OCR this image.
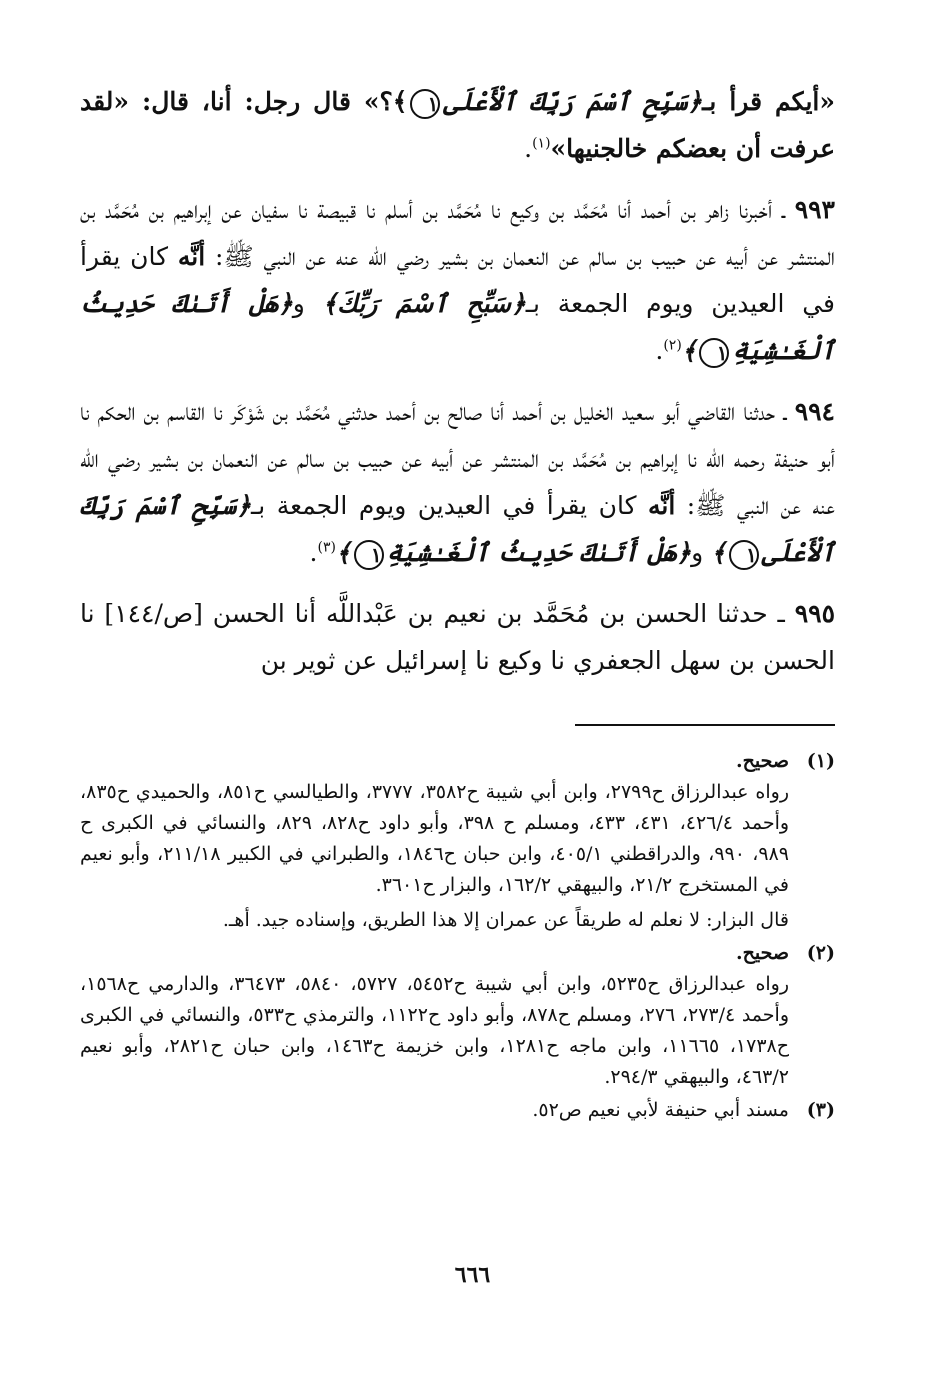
«أيكم قرأ بـ﴿سَبِّحِ ٱسْمَ رَبِّكَ ٱلْأَعْلَى١﴾؟» قال رجل: أنا، قال: «لقد عرفت أن بعضكم خالجنيها»$^{(١)}$.

٩٩٣ ـ أخبرنا زاهر بن أحمد أنا مُحَمَّد بن وكيع نا مُحَمَّد بن أسلم نا قبيصة نا سفيان عن إبراهيم بن مُحَمَّد بن المنتشر عن أبيه عن حبيب بن سالم عن النعمان بن بشير رضي الله عنه عن النبي ﷺ: أنَّه كان يقرأ في العيدين ويوم الجمعة بـ﴿سَبِّحِ ٱسْمَ رَبِّكَ﴾ و﴿هَلْ أَتَىٰكَ حَدِيثُ ٱلْغَـٰشِيَةِ١﴾$^{(٢)}$.

٩٩٤ ـ حدثنا القاضي أبو سعيد الخليل بن أحمد أنا صالح بن أحمد حدثني مُحَمَّد بن شَوْكَر نا القاسم بن الحكم نا أبو حنيفة رحمه الله نا إبراهيم بن مُحَمَّد بن المنتشر عن أبيه عن حبيب بن سالم عن النعمان بن بشير رضي الله عنه عن النبي ﷺ: أنَّه كان يقرأ في العيدين ويوم الجمعة بـ﴿سَبِّحِ ٱسْمَ رَبِّكَ ٱلْأَعْلَى١﴾ و﴿هَلْ أَتَىٰكَ حَدِيثُ ٱلْغَـٰشِيَةِ١﴾$^{(٣)}$.

٩٩٥ ـ حدثنا الحسن بن مُحَمَّد بن نعيم بن عَبْداللَّه أنا الحسن [ص/١٤٤] نا الحسن بن سهل الجعفري نا وكيع نا إسرائيل عن ثوير بن

(١)
صحيح.
رواه عبدالرزاق ح٢٧٩٩، وابن أبي شيبة ح٣٥٨٢، ٣٧٧٧، والطيالسي ح٨٥١، والحميدي ح٨٣٥، وأحمد ٤٢٦/٤، ٤٣١، ٤٣٣، ومسلم ح ٣٩٨، وأبو داود ح٨٢٨، ٨٢٩، والنسائي في الكبرى ح ٩٨٩، ٩٩٠، والدراقطني ٤٠٥/١، وابن حبان ح١٨٤٦، والطبراني في الكبير ٢١١/١٨، وأبو نعيم في المستخرج ٢١/٢، والبيهقي ١٦٢/٢، والبزار ح٣٦٠١.
قال البزار: لا نعلم له طريقاً عن عمران إلا هذا الطريق، وإسناده جيد. أهـ.
(٢)
صحيح.
رواه عبدالرزاق ح٥٢٣٥، وابن أبي شيبة ح٥٤٥٢، ٥٧٢٧، ٥٨٤٠، ٣٦٤٧٣، والدارمي ح١٥٦٨، وأحمد ٢٧٣/٤، ٢٧٦، ومسلم ح٨٧٨، وأبو داود ح١١٢٢، والترمذي ح٥٣٣، والنسائي في الكبرى ح١٧٣٨، ١١٦٦٥، وابن ماجه ح١٢٨١، وابن خزيمة ح١٤٦٣، وابن حبان ح٢٨٢١، وأبو نعيم ٤٦٣/٢، والبيهقي ٢٩٤/٣.
(٣)
مسند أبي حنيفة لأبي نعيم ص٥٢.
٦٦٦
